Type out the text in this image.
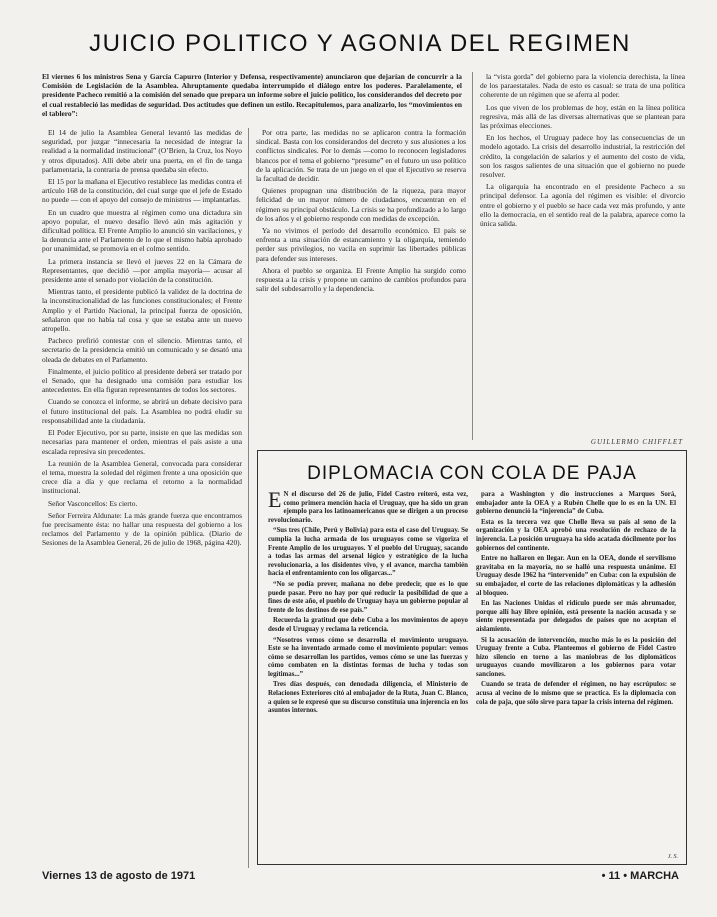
JUICIO POLITICO Y AGONIA DEL REGIMEN

El viernes 6 los ministros Sena y García Capurro (Interior y Defensa, respectivamente) anunciaron que dejarían de concurrir a la Comisión de Legislación de la Asamblea. Ahruptamente quedaba interrumpido el diálogo entre los poderes. Paralelamente, el presidente Pacheco remitió a la comisión del senado que prepara un informe sobre el juicio político, los considerandos del decreto por el cual restableció las medidas de seguridad. Dos actitudes que definen un estilo. Recapitulemos, para analizarlo, los “movimientos en el tablero”:

El 14 de julio la Asamblea General levantó las medidas de seguridad, por juzgar “innecesaria la necesidad de integrar la realidad a la normalidad institucional” (O’Brien, la Cruz, los Noyo y otros diputados). Allí debe abrir una puerta, en el fin de tanga parlamentaria, la contraria de prensa quedaba sin efecto.

El 15 por la mañana el Ejecutivo restablece las medidas contra el artículo 168 de la constitución, del cual surge que el jefe de Estado no puede — con el apoyo del consejo de ministros — implantarlas.

En un cuadro que muestra al régimen como una dictadura sin apoyo popular, el nuevo desafío llevó aún más agitación y dificultad política. El Frente Amplio lo anunció sin vacilaciones, y la denuncia ante el Parlamento de lo que el mismo había aprobado por unanimidad, se promovía en el colmo sentido.

La primera instancia se llevó el jueves 22 en la Cámara de Representantes, que decidió —por amplia mayoría— acusar al presidente ante el senado por violación de la constitución.

Mientras tanto, el presidente publicó la validez de la doctrina de la inconstitucionalidad de las funciones constitucionales; el Frente Amplio y el Partido Nacional, la principal fuerza de oposición, señalaron que no había tal cosa y que se estaba ante un nuevo atropello.

Pacheco prefirió contestar con el silencio. Mientras tanto, el secretario de la presidencia emitió un comunicado y se desató una oleada de debates en el Parlamento.

Finalmente, el juicio político al presidente deberá ser tratado por el Senado, que ha designado una comisión para estudiar los antecedentes. En ella figuran representantes de todos los sectores.

Cuando se conozca el informe, se abrirá un debate decisivo para el futuro institucional del país. La Asamblea no podrá eludir su responsabilidad ante la ciudadanía.

El Poder Ejecutivo, por su parte, insiste en que las medidas son necesarias para mantener el orden, mientras el país asiste a una escalada represiva sin precedentes.

La reunión de la Asamblea General, convocada para considerar el tema, muestra la soledad del régimen frente a una oposición que crece día a día y que reclama el retorno a la normalidad institucional.

Señor Vasconcellos: Es cierto.

Señor Ferreira Aldunate: La más grande fuerza que encontramos fue precisamente ésta: no hallar una respuesta del gobierno a los reclamos del Parlamento y de la opinión pública. (Diario de Sesiones de la Asamblea General, 26 de julio de 1968, página 420).

Por otra parte, las medidas no se aplicaron contra la formación sindical. Basta con los considerandos del decreto y sus alusiones a los conflictos sindicales. Por lo demás —como lo reconocen legisladores blancos por el tema el gobierno “presume” en el futuro un uso político de la aplicación. Se trata de un juego en el que el Ejecutivo se reserva la facultad de decidir.

Quienes propugnan una distribución de la riqueza, para mayor felicidad de un mayor número de ciudadanos, encuentran en el régimen su principal obstáculo. La crisis se ha profundizado a lo largo de los años y el gobierno responde con medidas de excepción.

Ya no vivimos el período del desarrollo económico. El país se enfrenta a una situación de estancamiento y la oligarquía, temiendo perder sus privilegios, no vacila en suprimir las libertades públicas para defender sus intereses.

Ahora el pueblo se organiza. El Frente Amplio ha surgido como respuesta a la crisis y propone un camino de cambios profundos para salir del subdesarrollo y la dependencia.

la “vista gorda” del gobierno para la violencia derechista, la línea de los paraestatales. Nada de esto es casual: se trata de una política coherente de un régimen que se aferra al poder.

Los que viven de los problemas de hoy, están en la línea política regresiva, más allá de las diversas alternativas que se plantean para las próximas elecciones.

En los hechos, el Uruguay padece hoy las consecuencias de un modelo agotado. La crisis del desarrollo industrial, la restricción del crédito, la congelación de salarios y el aumento del costo de vida, son los rasgos salientes de una situación que el gobierno no puede resolver.

La oligarquía ha encontrado en el presidente Pacheco a su principal defensor. La agonía del régimen es visible: el divorcio entre el gobierno y el pueblo se hace cada vez más profundo, y ante ello la democracia, en el sentido real de la palabra, aparece como la única salida.

GUILLERMO CHIFFLET
DIPLOMACIA CON COLA DE PAJA

E N el discurso del 26 de julio, Fidel Castro reiteró, esta vez, como primera mención hacia el Uruguay, que ha sido un gran ejemplo para los latinoamericanos que se dirigen a un proceso revolucionario.

“Sus tres (Chile, Perú y Bolivia) para esta el caso del Uruguay. Se cumplía la lucha armada de los uruguayos como se vigoriza el Frente Amplio de los uruguayos. Y el pueblo del Uruguay, sacando a todas las armas del arsenal lógico y estratégico de la lucha revolucionaria, a los disidentes vivo, y el avance, marcha también hacia el enfrentamiento con los oligarcas...”

“No se podía prever, mañana no debe predecir, que es lo que puede pasar. Pero no hay por qué reducir la posibilidad de que a fines de este año, el pueblo de Uruguay haya un gobierno popular al frente de los destinos de ese país.”

Recuerda la gratitud que debe Cuba a los movimientos de apoyo desde el Uruguay y reclama la reticencia.

“Nosotros vemos cómo se desarrolla el movimiento uruguayo. Este se ha inventado armado como el movimiento popular: vemos cómo se desarrollan los partidos, vemos cómo se une las fuerzas y cómo combaten en la distintas formas de lucha y todas son legítimas...”

Tres días después, con denodada diligencia, el Ministerio de Relaciones Exteriores citó al embajador de la Ruta, Juan C. Blanco, a quien se le expresó que su discurso constituía una injerencia en los asuntos internos.

para a Washington y dio instrucciones a Marques Sorá, embajador ante la OEA y a Rubén Chelle que lo es en la UN. El gobierno denunció la “injerencia” de Cuba.

Esta es la tercera vez que Chelle lleva su país al seno de la organización y la OEA aprobó una resolución de rechazo de la injerencia. La posición uruguaya ha sido acatada dócilmente por los gobiernos del continente.

Entre no hallaron en llegar. Aun en la OEA, donde el servilismo gravitaba en la mayoría, no se halló una respuesta unánime. El Uruguay desde 1962 ha “intervenido” en Cuba: con la expulsión de su embajador, el corte de las relaciones diplomáticas y la adhesión al bloqueo.

En las Naciones Unidas el ridículo puede ser más abrumador, porque allí hay libre opinión, está presente la nación acusada y se siente representada por delegados de países que no aceptan el aislamiento.

Si la acusación de intervención, mucho más lo es la posición del Uruguay frente a Cuba. Planteemos el gobierno de Fidel Castro hizo silencio en torno a las maniobras de los diplomáticos uruguayos cuando movilizaron a los gobiernos para votar sanciones.

Cuando se trata de defender el régimen, no hay escrúpulos: se acusa al vecino de lo mismo que se practica. Es la diplomacia con cola de paja, que sólo sirve para tapar la crisis interna del régimen.

J. S.
Viernes 13 de agosto de 1971	• 11 • MARCHA
